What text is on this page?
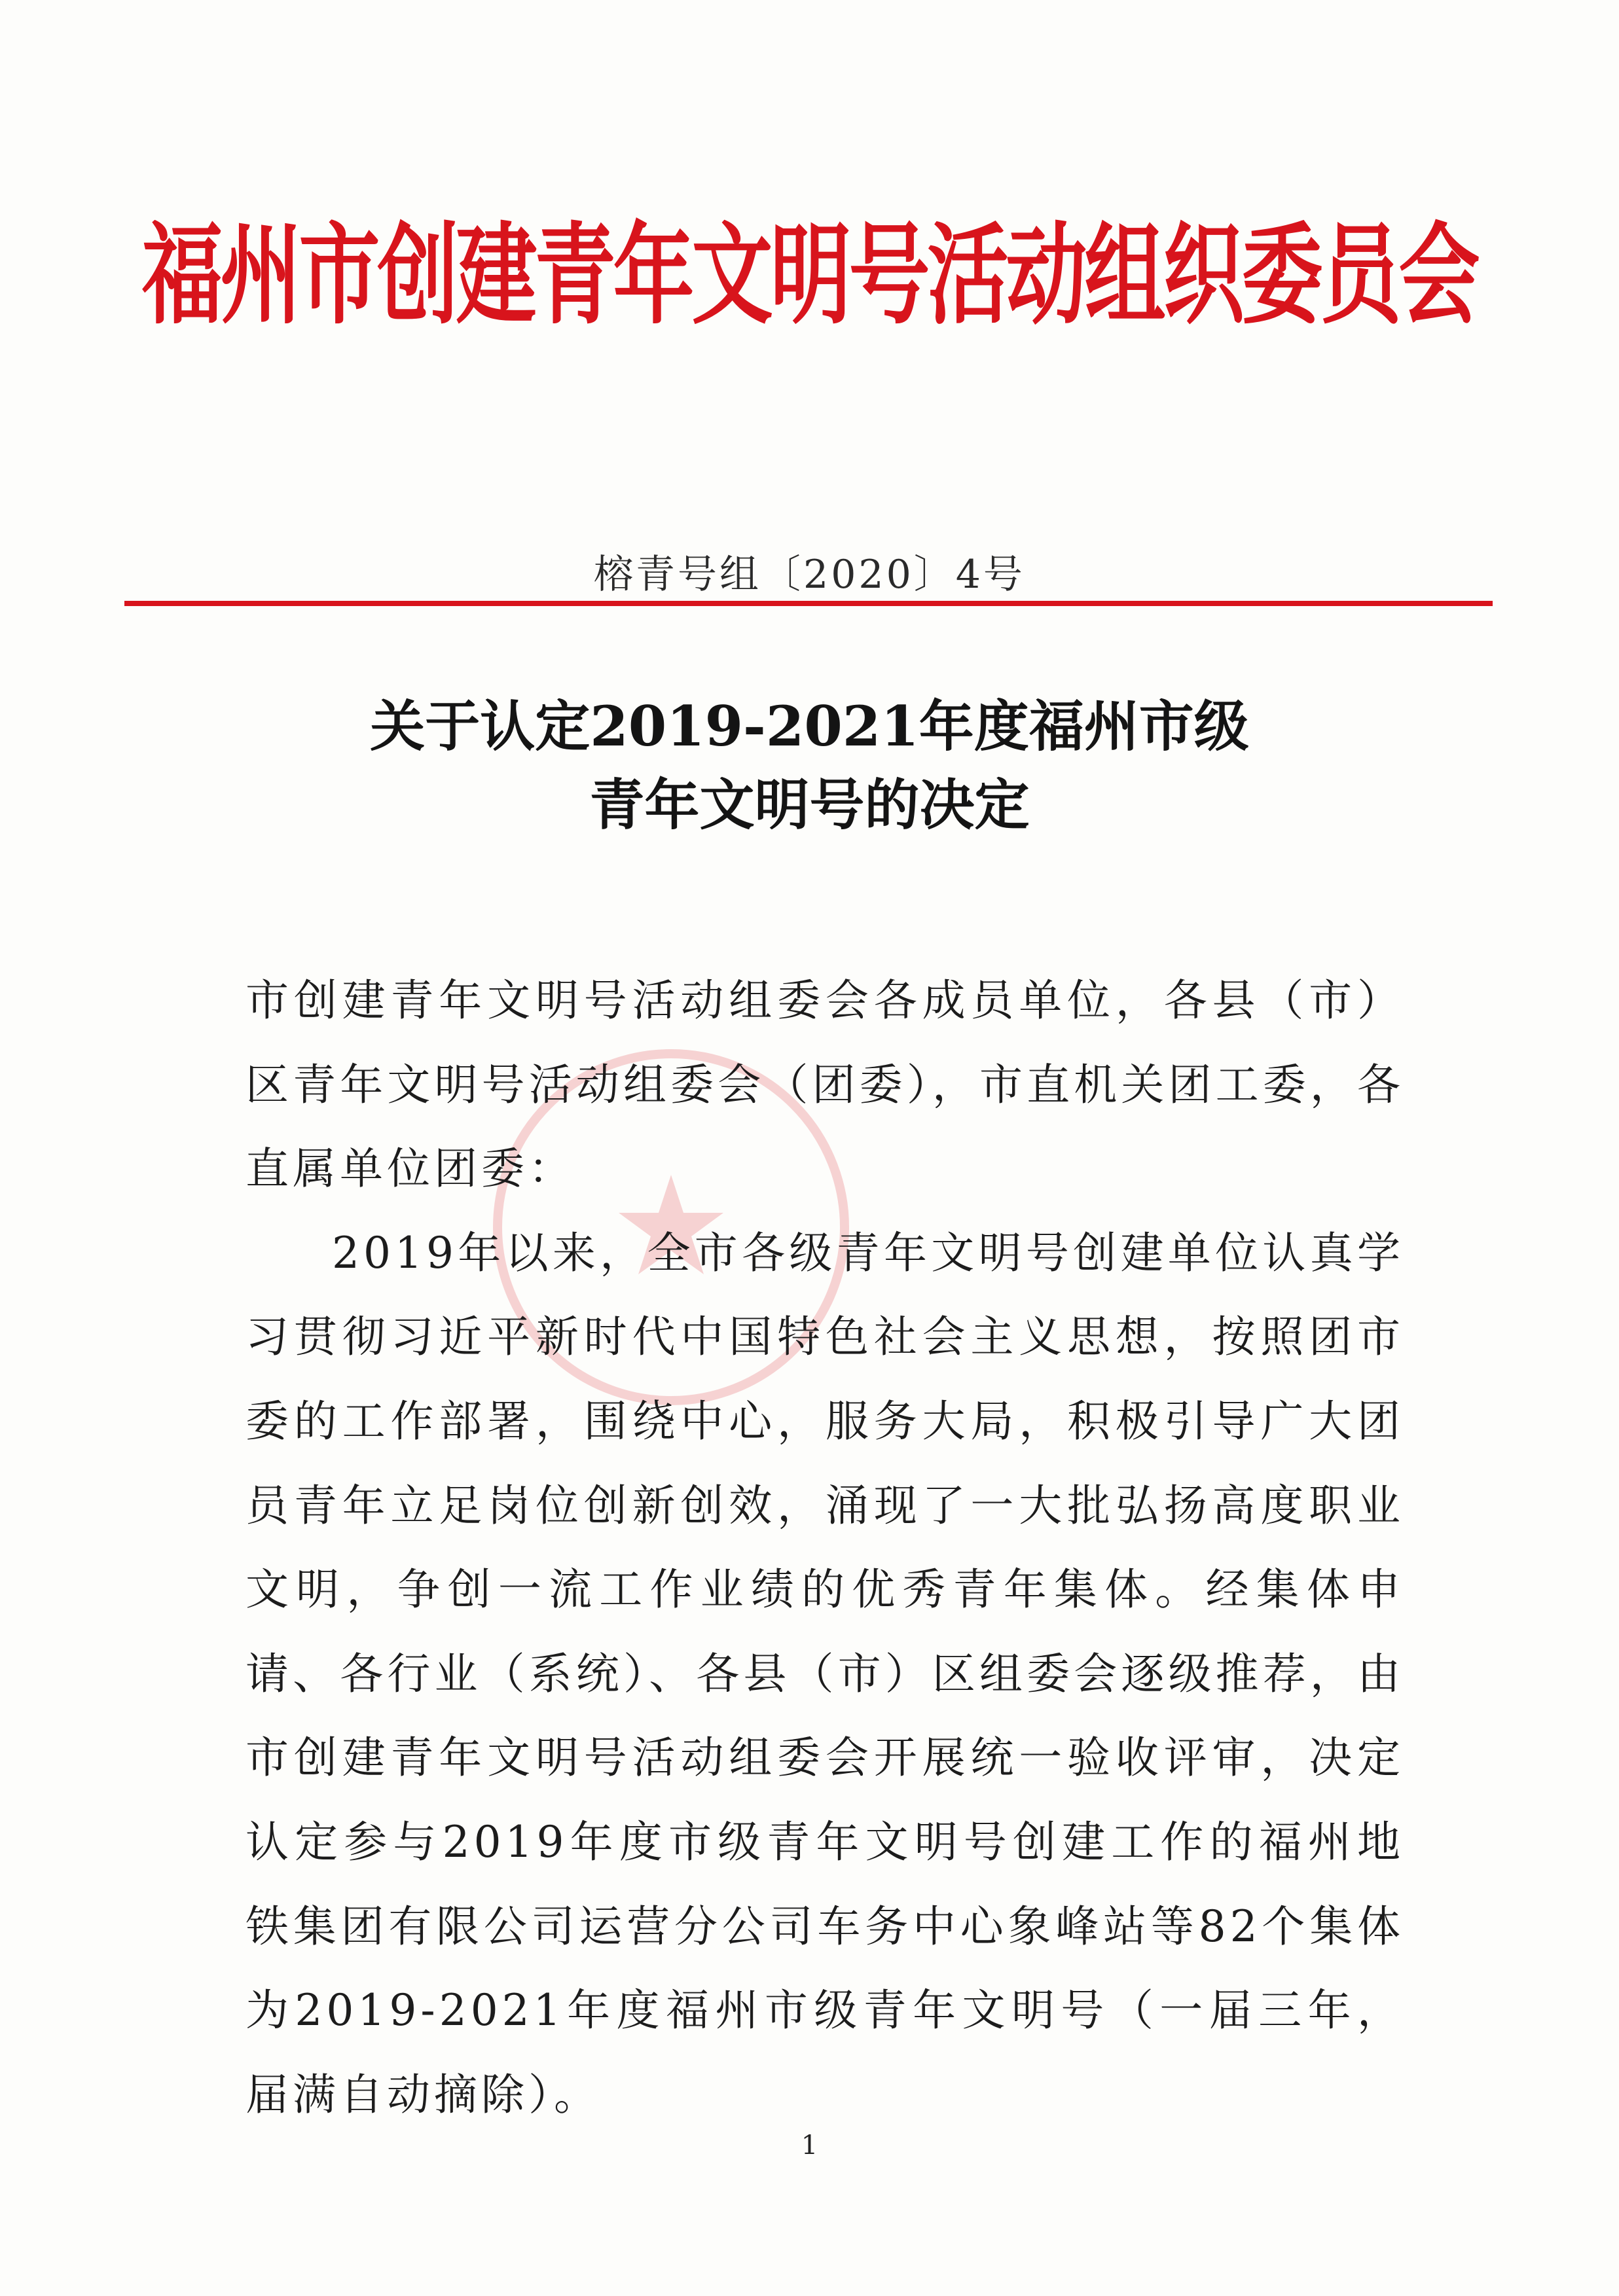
福州市创建青年文明号活动组织委员会
榕青号组〔2020〕4号
关于认定2019-2021年度福州市级
青年文明号的决定

市创建青年文明号活动组委会各成员单位，各县（市）区青年文明号活动组委会（团委），市直机关团工委，各直属单位团委：

2019年以来，全市各级青年文明号创建单位认真学习贯彻习近平新时代中国特色社会主义思想，按照团市委的工作部署，围绕中心，服务大局，积极引导广大团员青年立足岗位创新创效，涌现了一大批弘扬高度职业文明，争创一流工作业绩的优秀青年集体。经集体申请、各行业（系统）、各县（市）区组委会逐级推荐，由市创建青年文明号活动组委会开展统一验收评审，决定认定参与2019年度市级青年文明号创建工作的福州地铁集团有限公司运营分公司车务中心象峰站等82个集体为2019-2021年度福州市级青年文明号（一届三年，届满自动摘除）。

1
